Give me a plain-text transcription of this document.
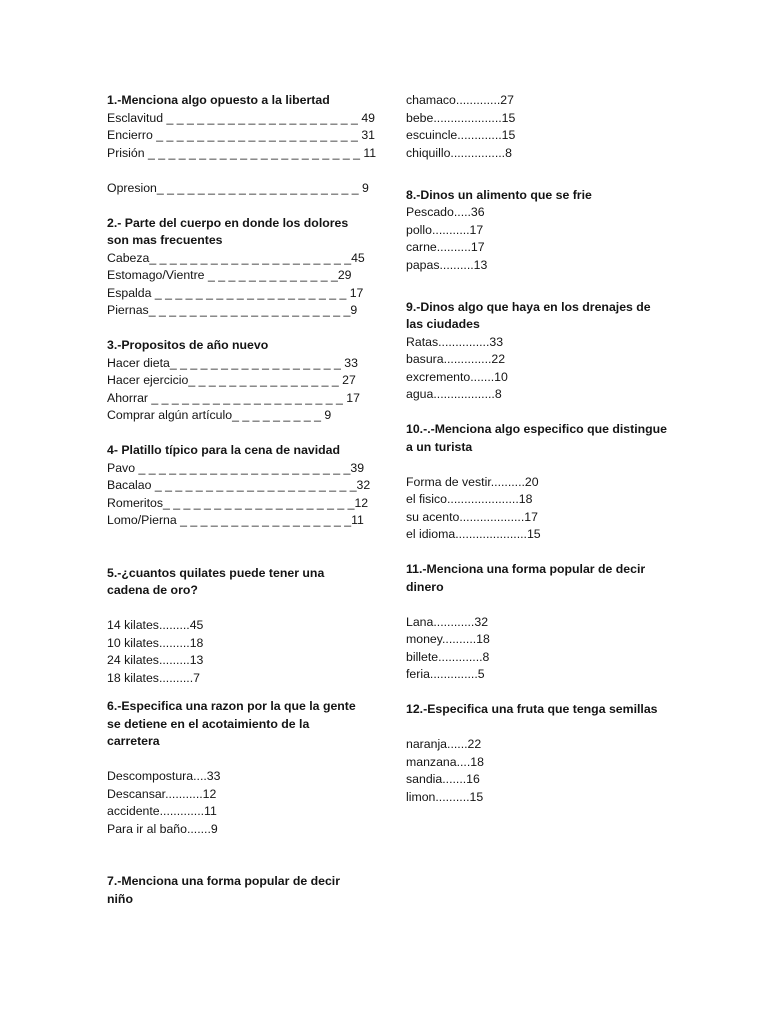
1.-Menciona algo opuesto a la libertad
Esclavitud _ _ _ _ _ _ _ _ _ _ _ _ _ _ _ _ _ _ _ 49
Encierro _ _ _ _ _ _ _ _ _ _ _ _ _ _ _ _ _ _ _ _ 31
Prisión _ _ _ _ _ _ _ _ _ _ _ _ _ _ _ _ _ _ _ _ _ 11
Opresion_ _ _ _ _ _ _ _ _ _ _ _ _ _ _ _ _ _ _ _ 9
2.- Parte del cuerpo en donde los dolores
son mas frecuentes
Cabeza_ _ _ _ _ _ _ _ _ _ _ _ _ _ _ _ _ _ _ _45
Estomago/Vientre _ _ _ _ _ _ _ _ _ _ _ _ _29
Espalda _ _ _ _ _ _ _ _ _ _ _ _ _ _ _ _ _ _ _ 17
Piernas_ _ _ _ _ _ _ _ _ _ _ _ _ _ _ _ _ _ _ _9
3.-Propositos de año nuevo
Hacer dieta_ _ _ _ _ _ _ _ _ _ _ _ _ _ _ _ _ 33
Hacer ejercicio_ _ _ _ _ _ _ _ _ _ _ _ _ _ _ 27
Ahorrar _ _ _ _ _ _ _ _ _ _ _ _ _ _ _ _ _ _ _ 17
Comprar algún artículo_ _ _ _ _ _ _ _ _ 9
4- Platillo típico para la cena de navidad
Pavo _ _ _ _ _ _ _ _ _ _ _ _ _ _ _ _ _ _ _ _ _39
Bacalao _ _ _ _ _ _ _ _ _ _ _ _ _ _ _ _ _ _ _ _32
Romeritos_ _ _ _ _ _ _ _ _ _ _ _ _ _ _ _ _ _ _12
Lomo/Pierna _ _ _ _ _ _ _ _ _ _ _ _ _ _ _ _ _11
5.-¿cuantos quilates puede tener una
cadena de oro?
14 kilates.........45
10 kilates.........18
24 kilates.........13
18 kilates..........7
6.-Especifica una razon por la que la gente
se detiene en el acotaimiento de la
carretera
Descompostura....33
Descansar...........12
accidente.............11
Para ir al baño.......9
7.-Menciona una forma popular de decir
niño
chamaco.............27
bebe....................15
escuincle.............15
chiquillo................8
8.-Dinos un alimento que se frie
Pescado.....36
pollo...........17
carne..........17
papas..........13
9.-Dinos algo que haya en los drenajes de
las ciudades
Ratas...............33
basura..............22
excremento.......10
agua..................8
10.-.-Menciona algo especifico que distingue
a un turista
Forma de vestir..........20
el fisico.....................18
su acento...................17
el idioma.....................15
11.-Menciona una forma popular de decir
dinero
Lana............32
money..........18
billete.............8
feria..............5
12.-Especifica una fruta que tenga semillas
naranja......22
manzana....18
sandia.......16
limon..........15
